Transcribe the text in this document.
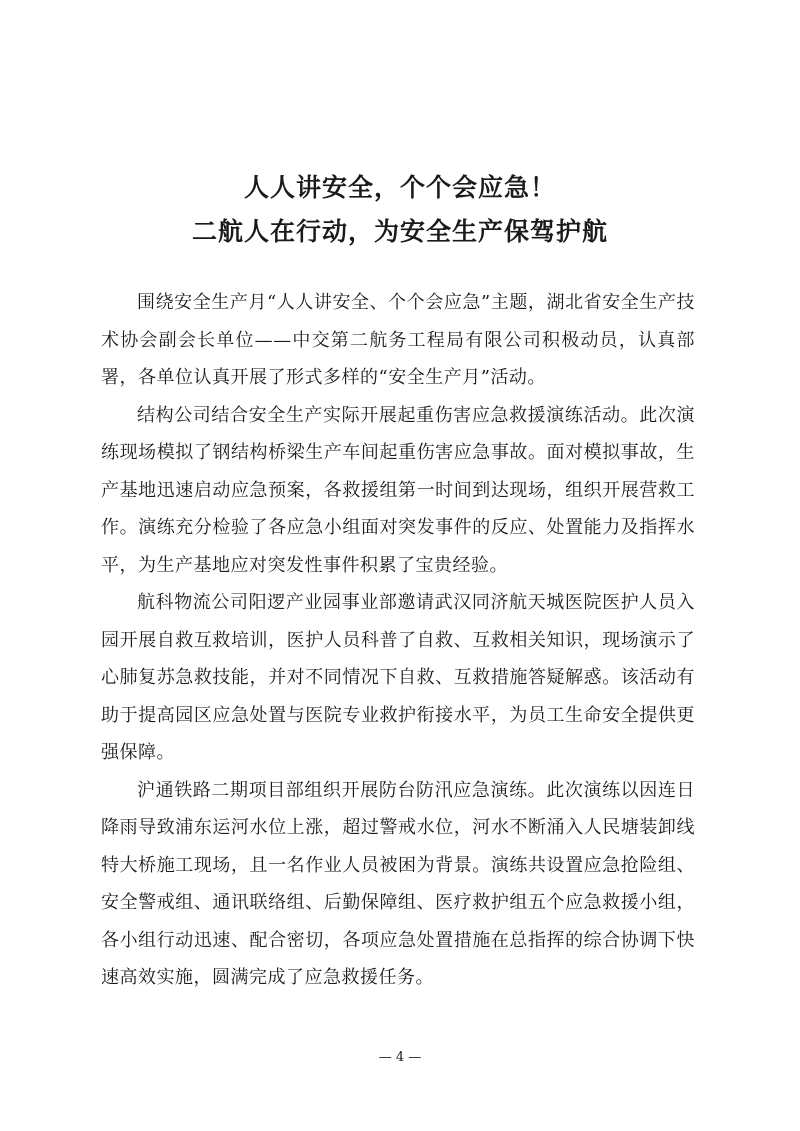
人人讲安全，个个会应急！
二航人在行动，为安全生产保驾护航

围绕安全生产月“人人讲安全、个个会应急”主题，湖北省安全生产技术协会副会长单位——中交第二航务工程局有限公司积极动员，认真部署，各单位认真开展了形式多样的“安全生产月”活动。

结构公司结合安全生产实际开展起重伤害应急救援演练活动。此次演练现场模拟了钢结构桥梁生产车间起重伤害应急事故。面对模拟事故，生产基地迅速启动应急预案，各救援组第一时间到达现场，组织开展营救工作。演练充分检验了各应急小组面对突发事件的反应、处置能力及指挥水平，为生产基地应对突发性事件积累了宝贵经验。

航科物流公司阳逻产业园事业部邀请武汉同济航天城医院医护人员入园开展自救互救培训，医护人员科普了自救、互救相关知识，现场演示了心肺复苏急救技能，并对不同情况下自救、互救措施答疑解惑。该活动有助于提高园区应急处置与医院专业救护衔接水平，为员工生命安全提供更强保障。

沪通铁路二期项目部组织开展防台防汛应急演练。此次演练以因连日降雨导致浦东运河水位上涨，超过警戒水位，河水不断涌入人民塘装卸线特大桥施工现场，且一名作业人员被困为背景。演练共设置应急抢险组、安全警戒组、通讯联络组、后勤保障组、医疗救护组五个应急救援小组，各小组行动迅速、配合密切，各项应急处置措施在总指挥的综合协调下快速高效实施，圆满完成了应急救援任务。

— 4 —
